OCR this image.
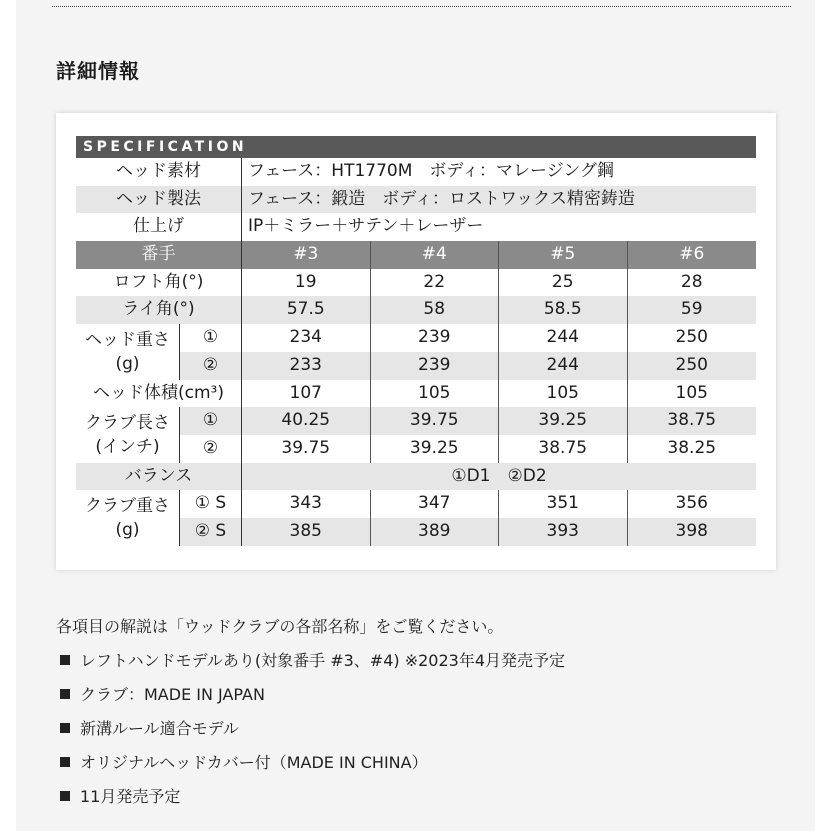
詳細情報
SPECIFICATION
ヘッド素材	フェース：HT1770M　ボディ：マレージング鋼
ヘッド製法	フェース：鍛造　ボディ：ロストワックス精密鋳造
仕上げ	IP＋ミラー＋サテン＋レーザー
番手	#3	#4	#5	#6
ロフト角(°)	19	22	25	28
ライ角(°)	57.5	58	58.5	59
ヘッド重さ
(g)
①	234	239	244	250
②	233	239	244	250
ヘッド体積(cm³)	107	105	105	105
クラブ長さ
(インチ)
①	40.25	39.75	39.25	38.75
②	39.75	39.25	38.75	38.25
バランス	①D1　②D2
クラブ重さ
(g)
① S	343	347	351	356
② S	385	389	393	398
各項目の解説は「ウッドクラブの各部名称」をご覧ください。
レフトハンドモデルあり(対象番手 #3、#4) ※2023年4月発売予定
クラブ：MADE IN JAPAN
新溝ルール適合モデル
オリジナルヘッドカバー付（MADE IN CHINA）
11月発売予定
